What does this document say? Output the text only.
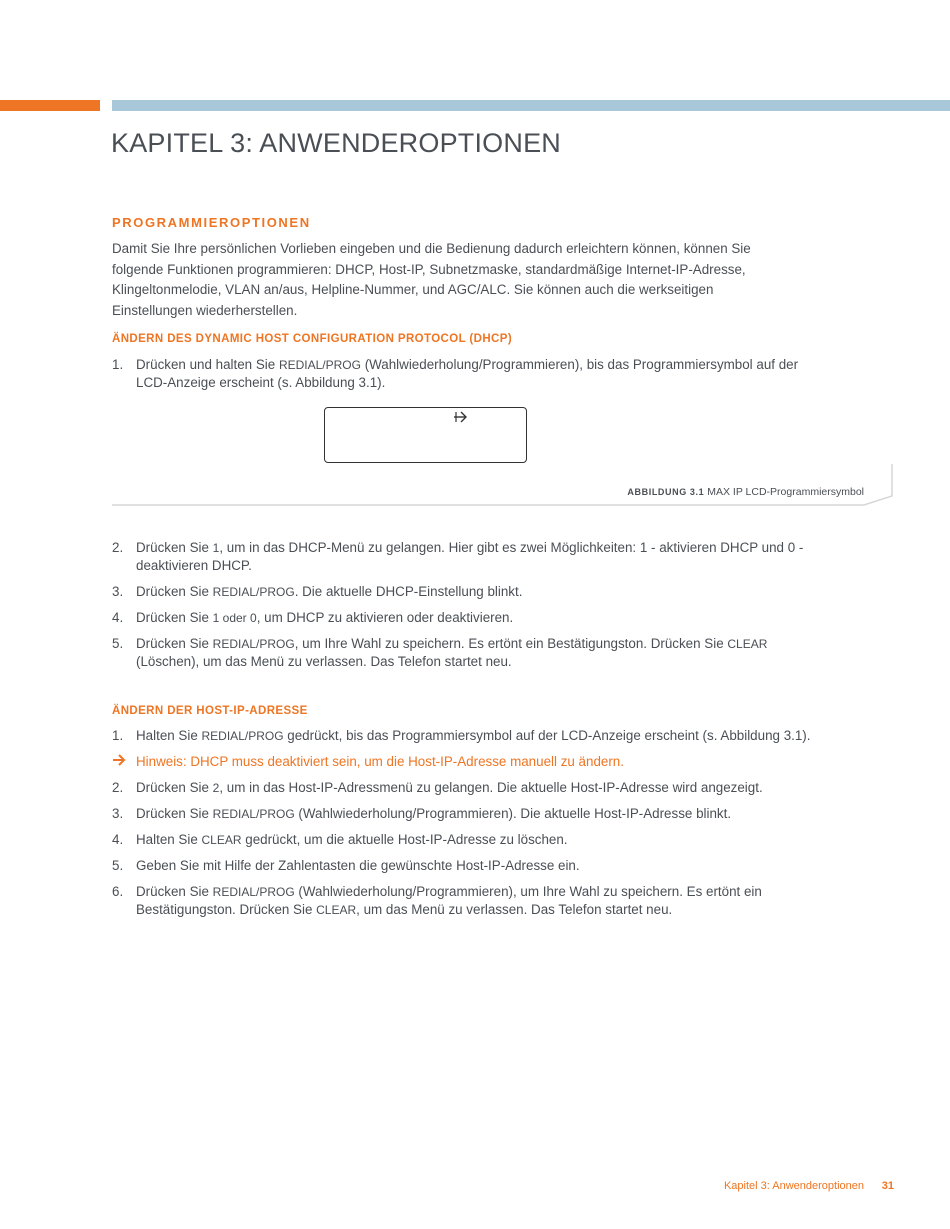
KAPITEL 3: ANWENDEROPTIONEN
PROGRAMMIEROPTIONEN

Damit Sie Ihre persönlichen Vorlieben eingeben und die Bedienung dadurch erleichtern können, können Sie folgende Funktionen programmieren: DHCP, Host-IP, Subnetzmaske, standardmäßige Internet-IP-Adresse, Klingeltonmelodie, VLAN an/aus, Helpline-Nummer, und AGC/ALC. Sie können auch die werkseitigen Einstellungen wiederherstellen.

ÄNDERN DES DYNAMIC HOST CONFIGURATION PROTOCOL (DHCP)
1. Drücken und halten Sie REDIAL/PROG (Wahlwiederholung/Programmieren), bis das Programmiersymbol auf der LCD-Anzeige erscheint (s. Abbildung 3.1).
ABBILDUNG 3.1 MAX IP LCD-Programmiersymbol
2. Drücken Sie 1, um in das DHCP-Menü zu gelangen. Hier gibt es zwei Möglichkeiten: 1 - aktivieren DHCP und 0 - deaktivieren DHCP.
3. Drücken Sie REDIAL/PROG. Die aktuelle DHCP-Einstellung blinkt.
4. Drücken Sie 1 oder 0, um DHCP zu aktivieren oder deaktivieren.
5. Drücken Sie REDIAL/PROG, um Ihre Wahl zu speichern. Es ertönt ein Bestätigungston. Drücken Sie CLEAR (Löschen), um das Menü zu verlassen. Das Telefon startet neu.
ÄNDERN DER HOST-IP-ADRESSE
1. Halten Sie REDIAL/PROG gedrückt, bis das Programmiersymbol auf der LCD-Anzeige erscheint (s. Abbildung 3.1).
Hinweis: DHCP muss deaktiviert sein, um die Host-IP-Adresse manuell zu ändern.
2. Drücken Sie 2, um in das Host-IP-Adressmenü zu gelangen. Die aktuelle Host-IP-Adresse wird angezeigt.
3. Drücken Sie REDIAL/PROG (Wahlwiederholung/Programmieren). Die aktuelle Host-IP-Adresse blinkt.
4. Halten Sie CLEAR gedrückt, um die aktuelle Host-IP-Adresse zu löschen.
5. Geben Sie mit Hilfe der Zahlentasten die gewünschte Host-IP-Adresse ein.
6. Drücken Sie REDIAL/PROG (Wahlwiederholung/Programmieren), um Ihre Wahl zu speichern. Es ertönt ein Bestätigungston. Drücken Sie CLEAR, um das Menü zu verlassen. Das Telefon startet neu.
Kapitel 3: Anwenderoptionen 31
